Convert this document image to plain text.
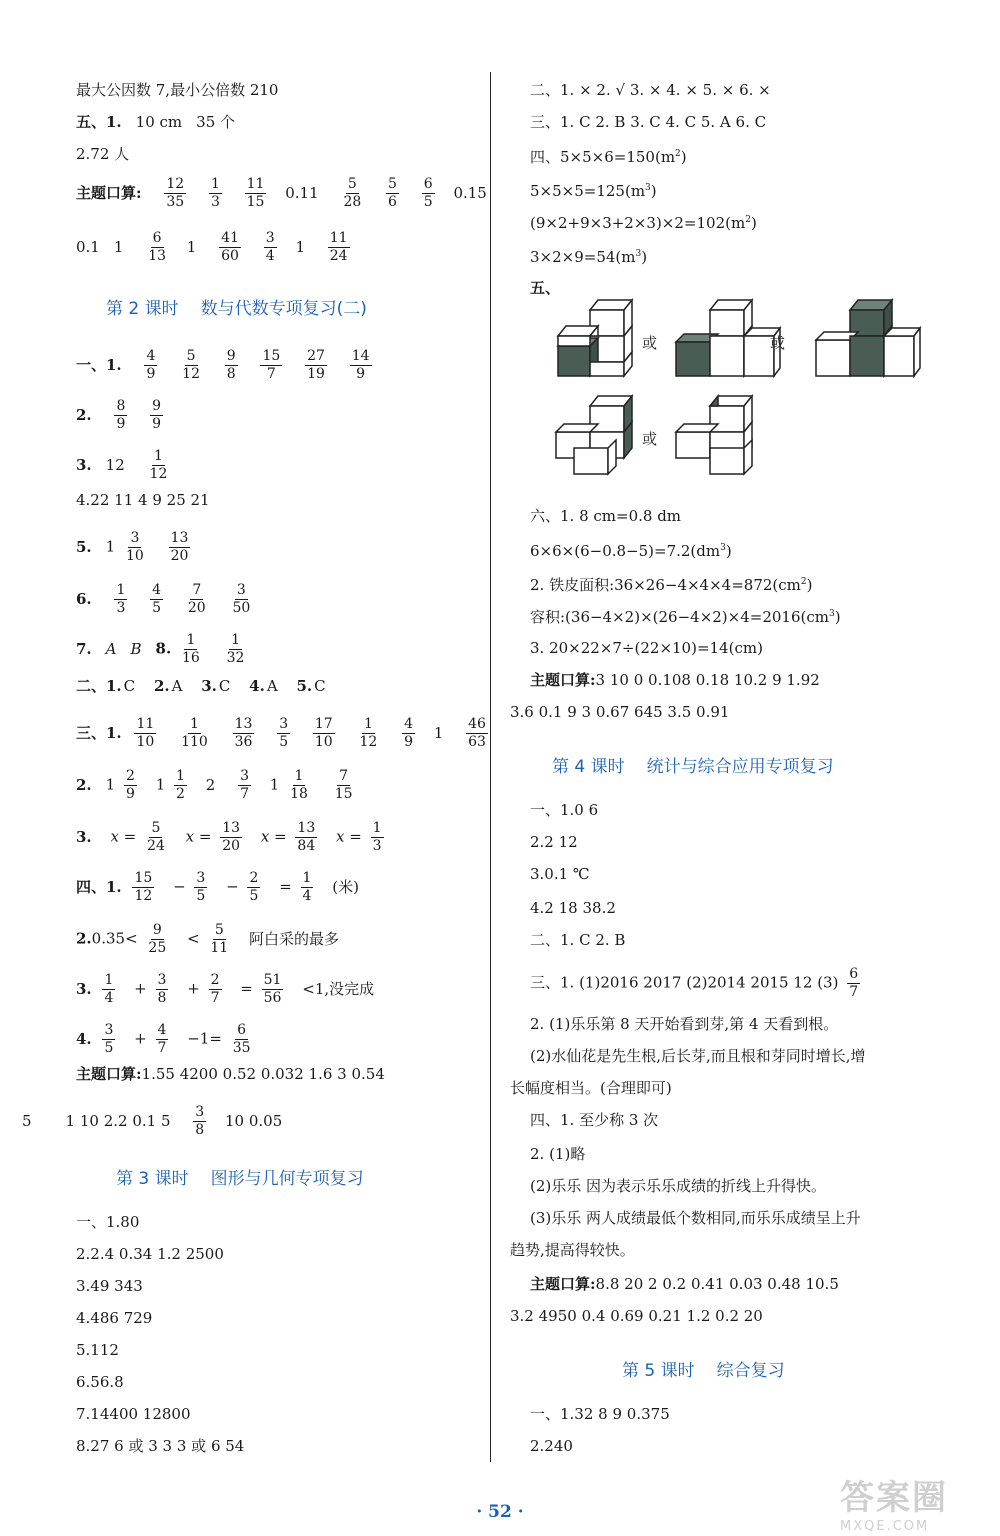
最大公因数 7,最小公倍数 210
五、1. 10 cm 35 个
2.72 人
主题口算: $\frac{12}{35}$
$\frac{1}{3}$
$\frac{11}{15} 0.11 \frac{5}{28}$
$\frac{5}{6}$
$\frac{6}{5} 0.15$
0.1 $1 \frac{6}{13} 1 \frac{41}{60}$
$\frac{3}{4} 1 \frac{11}{24}$
第 2 课时 数与代数专项复习(二)
一、1. $\frac{4}{9}$
$\frac{5}{12}$
$\frac{9}{8}$
$\frac{15}{7}$
$\frac{27}{19}$
$\frac{14}{9}$
2. $\frac{8}{9}$
$\frac{9}{9}$
3. $12 \frac{1}{12}$
4.22 11 4 9 25 21
5. $1 \frac{3}{10}$
$\frac{13}{20}$
6. $\frac{1}{3}$
$\frac{4}{5}$
$\frac{7}{20}$
$\frac{3}{50}$
7. A B 8. $\frac{1}{16}$
$\frac{1}{32}$
二、1. C 2. A 3. C 4. A 5. C
三、1. $\frac{11}{10}$
$\frac{1}{110}$
$\frac{13}{36}$
$\frac{3}{5}$
$\frac{17}{10}$
$\frac{1}{12}$
$\frac{4}{9} 1 \frac{46}{63}$
2. $1 \frac{2}{9} 1 \frac{1}{2} 2 \frac{3}{7} 1 \frac{1}{18}$
$\frac{7}{15}$
3. $x = \frac{5}{24}$ $x = \frac{13}{20}$ $x = \frac{13}{84}$ $x = \frac{1}{3}$
四、1. $\frac{15}{12} - \frac{3}{5} - \frac{2}{5} = \frac{1}{4}$ (米)
$2.0.35< \frac{9}{25} < \frac{5}{11}$ 阿白采的最多
3. $\frac{1}{4} + \frac{3}{8} + \frac{2}{7} = \frac{51}{56} <1$,没完成
4. $\frac{3}{5} + \frac{4}{7} -1= \frac{6}{35}$
主题口算:1.55 4200 0.52 0.032 1.6 3 0.54
5 1 10 2.2 0.1 $5 \frac{3}{8} 10$ 0.05
第 3 课时 图形与几何专项复习
一、1.80
2.2.4 0.34 1.2 2500
3.49 343
4.486 729
5.112
6.56.8
7.14400 12800
8.27 6 或 3 3 3 或 6 54
二、1. × 2. √ 3. × 4. × 5. × 6. ×
三、1. C 2. B 3. C 4. C 5. A 6. C
四、$5\times 5\times 6=150(m^2)$
$5\times 5\times 5=125(m^3)$
$(9\times 2+9\times 3+2\times 3)\times 2=102(m^2)$
$3\times 2\times 9=54(m^3)$
五、
或	或
或
六、1. 8 cm=0.8 dm
$6\times 6\times(6-0.8-5)=7.2(dm^3)$
2. 铁皮面积$:36\times 26-4\times 4\times 4=872(cm^2)$
容积$:(36-4\times 2)\times(26-4\times 2)\times 4=2016(cm^3)$
3. 20×22×7÷(22×10)=14(cm)
主题口算:3 10 0 0.108 0.18 10.2 9 1.92
3.6 0.1 9 3 0.67 645 3.5 0.91
第 4 课时 统计与综合应用专项复习
一、1.0 6
2.2 12
3.0.1 ℃
4.2 18 38.2
二、1. C 2. B
三、1. (1)2016 2017 (2)2014 2015 12 $(3) \frac{6}{7}$
2. (1)乐乐第 8 天开始看到芽,第 4 天看到根。
(2)水仙花是先生根,后长芽,而且根和芽同时增长,增
长幅度相当。(合理即可)
四、1. 至少称 3 次
2. (1)略
(2)乐乐 因为表示乐乐成绩的折线上升得快。
(3)乐乐 两人成绩最低个数相同,而乐乐成绩呈上升
趋势,提高得较快。
主题口算:8.8 20 2 0.2 0.41 0.03 0.48 10.5
3.2 4950 0.4 0.69 0.21 1.2 0.2 20
第 5 课时 综合复习
一、1.32 8 9 0.375
2.240
· 52 ·	答案圈
MXQE.COM
